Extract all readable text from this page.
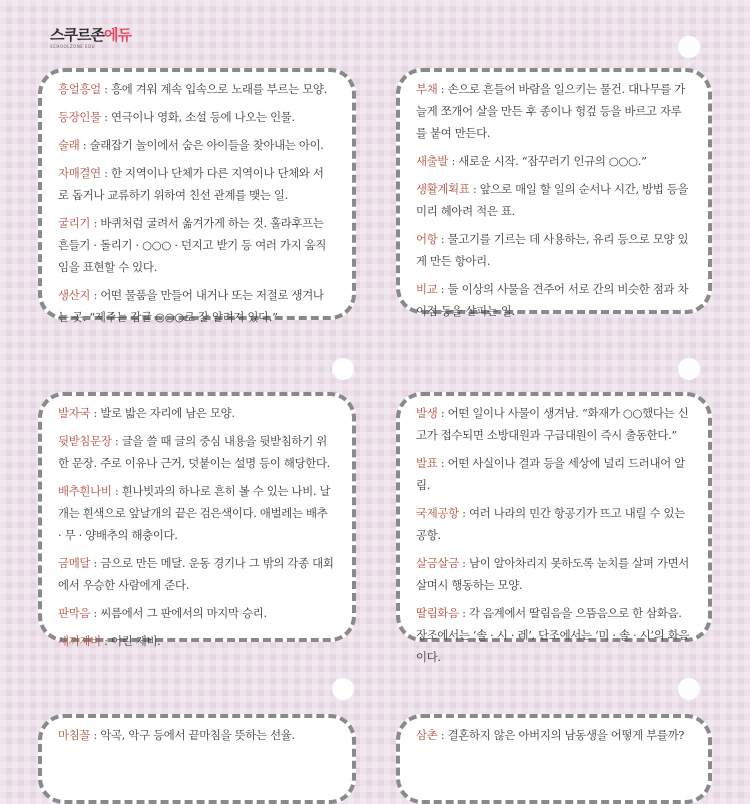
스쿠르존에듀
SCHOOLZONE EDU

흥얼흥얼 : 흥에 겨워 계속 입속으로 노래를 부르는 모양.

등장인물 : 연극이나 영화, 소설 등에 나오는 인물.

술래 : 술래잡기 놀이에서 숨은 아이들을 찾아내는 아이.

자매결연 : 한 지역이나 단체가 다른 지역이나 단체와 서로 돕거나 교류하기 위하여 친선 관계를 맺는 일.

굴리기 : 바퀴처럼 굴려서 옮겨가게 하는 것. 훌라후프는 흔들기 · 돌리기 · ○○○ · 던지고 받기 등 여러 가지 움직임을 표현할 수 있다.

생산지 : 어떤 물품을 만들어 내거나 또는 저절로 생겨나는 곳. “제주는 감귤 ○○○로 잘 알려져 있다.”

부채 : 손으로 흔들어 바람을 일으키는 물건. 대나무를 가늘게 쪼개어 살을 만든 후 종이나 헝겊 등을 바르고 자루를 붙여 만든다.

새출발 : 새로운 시작. “잠꾸러기 인규의 ○○○.”

생활계획표 : 앞으로 매일 할 일의 순서나 시간, 방법 등을 미리 헤아려 적은 표.

어항 : 물고기를 기르는 데 사용하는, 유리 등으로 모양 있게 만든 항아리.

비교 : 둘 이상의 사물을 견주어 서로 간의 비슷한 점과 차이점 등을 살피는 일.

발자국 : 발로 밟은 자리에 남은 모양.

뒷받침문장 : 글을 쓸 때 글의 중심 내용을 뒷받침하기 위한 문장. 주로 이유나 근거, 덧붙이는 설명 등이 해당한다.

배추흰나비 : 흰나빗과의 하나로 흔히 볼 수 있는 나비. 날개는 흰색으로 앞날개의 끝은 검은색이다. 애벌레는 배추 · 무 · 양배추의 해충이다.

금메달 : 금으로 만든 메달. 운동 경기나 그 밖의 각종 대회에서 우승한 사람에게 준다.

판막음 : 씨름에서 그 판에서의 마지막 승리.

새끼제비 : 어린 제비.

발생 : 어떤 일이나 사물이 생겨남. “화재가 ○○했다는 신고가 접수되면 소방대원과 구급대원이 즉시 출동한다.”

발표 : 어떤 사실이나 결과 등을 세상에 널리 드러내어 알림.

국제공항 : 여러 나라의 민간 항공기가 뜨고 내릴 수 있는 공항.

살금살금 : 남이 알아차리지 못하도록 눈치를 살펴 가면서 살며시 행동하는 모양.

딸림화음 : 각 음계에서 딸림음을 으뜸음으로 한 삼화음. 장조에서는 ‘솔 · 시 · 레’, 단조에서는 ‘미 · 솔 · 시’의 화음이다.

마침꼴 : 악곡, 악구 등에서 끝마침을 뜻하는 선율.	삼촌 : 결혼하지 않은 아버지의 남동생을 어떻게 부를까?
